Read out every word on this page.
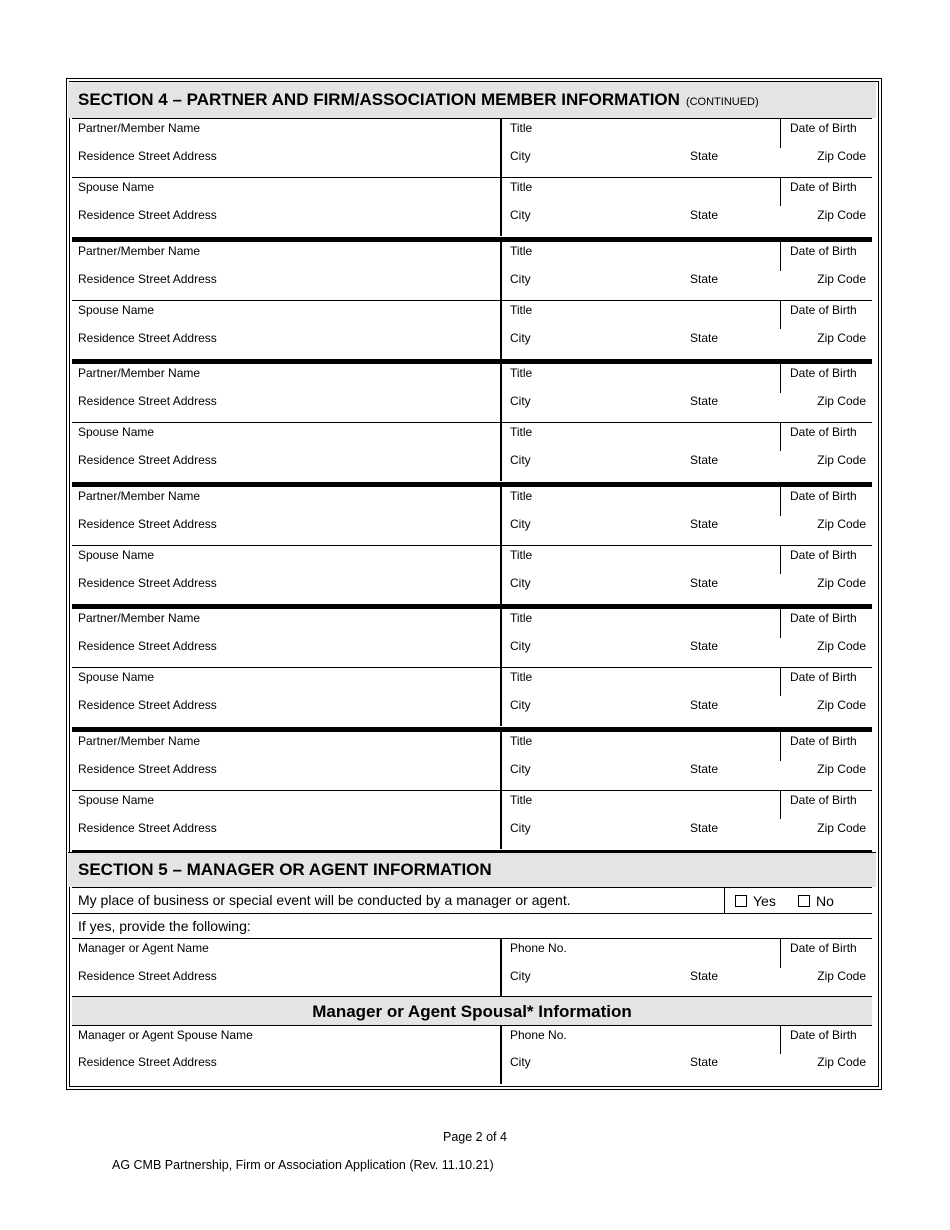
SECTION 4 – PARTNER AND FIRM/ASSOCIATION MEMBER INFORMATION (CONTINUED)
Partner/Member Name	Title	Date of Birth
Residence Street Address	City	State	Zip Code
Spouse Name	Title	Date of Birth
Residence Street Address	City	State	Zip Code
Partner/Member Name	Title	Date of Birth
Residence Street Address	City	State	Zip Code
Spouse Name	Title	Date of Birth
Residence Street Address	City	State	Zip Code
Partner/Member Name	Title	Date of Birth
Residence Street Address	City	State	Zip Code
Spouse Name	Title	Date of Birth
Residence Street Address	City	State	Zip Code
Partner/Member Name	Title	Date of Birth
Residence Street Address	City	State	Zip Code
Spouse Name	Title	Date of Birth
Residence Street Address	City	State	Zip Code
Partner/Member Name	Title	Date of Birth
Residence Street Address	City	State	Zip Code
Spouse Name	Title	Date of Birth
Residence Street Address	City	State	Zip Code
Partner/Member Name	Title	Date of Birth
Residence Street Address	City	State	Zip Code
Spouse Name	Title	Date of Birth
Residence Street Address	City	State	Zip Code
SECTION 5 – MANAGER OR AGENT INFORMATION
My place of business or special event will be conducted by a manager or agent.	Yes	No
If yes, provide the following:
Manager or Agent Name	Phone No.	Date of Birth
Residence Street Address	City	State	Zip Code
Manager or Agent Spousal* Information
Manager or Agent Spouse Name	Phone No.	Date of Birth
Residence Street Address	City	State	Zip Code
Page 2 of 4
AG CMB Partnership, Firm or Association Application (Rev. 11.10.21)
